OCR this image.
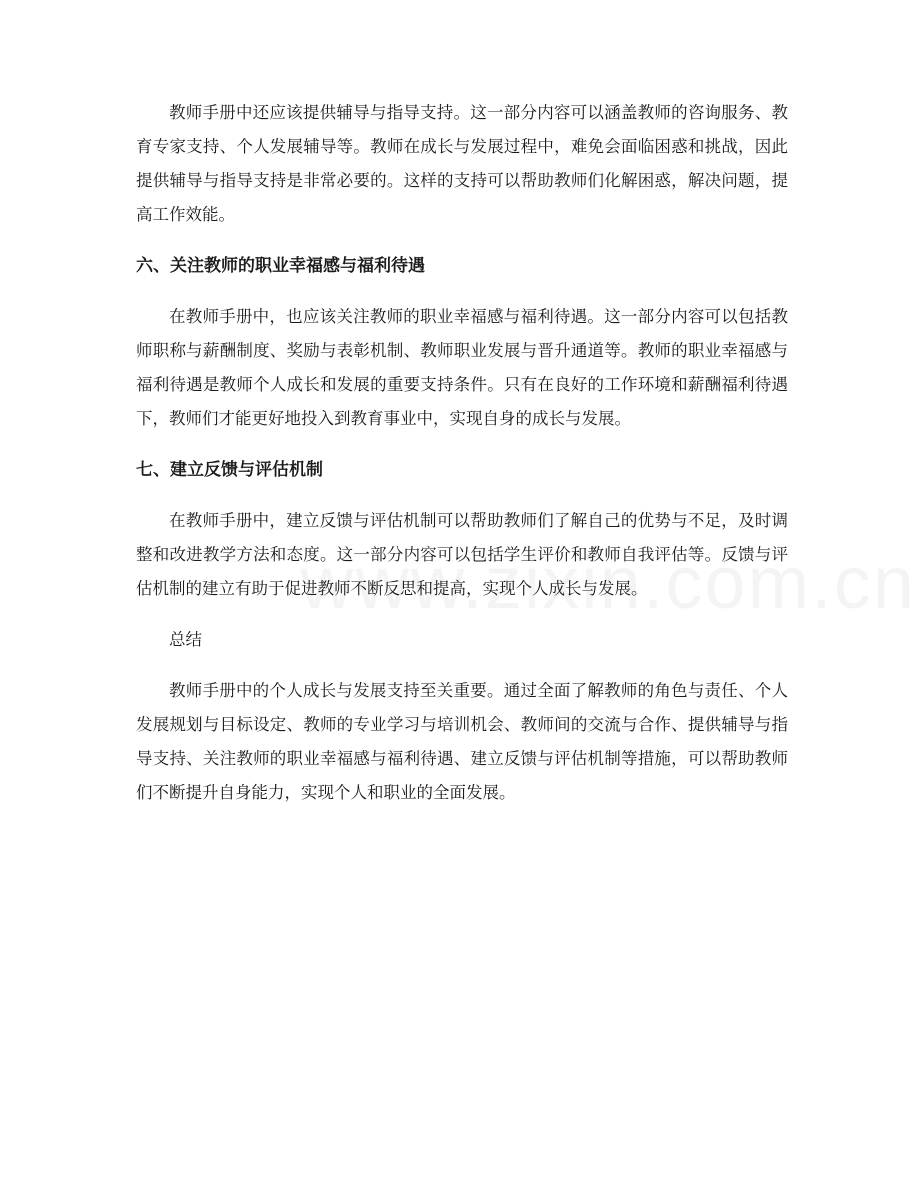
教师手册中还应该提供辅导与指导支持。这一部分内容可以涵盖教师的咨询服务、教育专家支持、个人发展辅导等。教师在成长与发展过程中，难免会面临困惑和挑战，因此提供辅导与指导支持是非常必要的。这样的支持可以帮助教师们化解困惑，解决问题，提高工作效能。

六、关注教师的职业幸福感与福利待遇

在教师手册中，也应该关注教师的职业幸福感与福利待遇。这一部分内容可以包括教师职称与薪酬制度、奖励与表彰机制、教师职业发展与晋升通道等。教师的职业幸福感与福利待遇是教师个人成长和发展的重要支持条件。只有在良好的工作环境和薪酬福利待遇下，教师们才能更好地投入到教育事业中，实现自身的成长与发展。

七、建立反馈与评估机制

在教师手册中，建立反馈与评估机制可以帮助教师们了解自己的优势与不足，及时调整和改进教学方法和态度。这一部分内容可以包括学生评价和教师自我评估等。反馈与评估机制的建立有助于促进教师不断反思和提高，实现个人成长与发展。

总结

教师手册中的个人成长与发展支持至关重要。通过全面了解教师的角色与责任、个人发展规划与目标设定、教师的专业学习与培训机会、教师间的交流与合作、提供辅导与指导支持、关注教师的职业幸福感与福利待遇、建立反馈与评估机制等措施，可以帮助教师们不断提升自身能力，实现个人和职业的全面发展。
